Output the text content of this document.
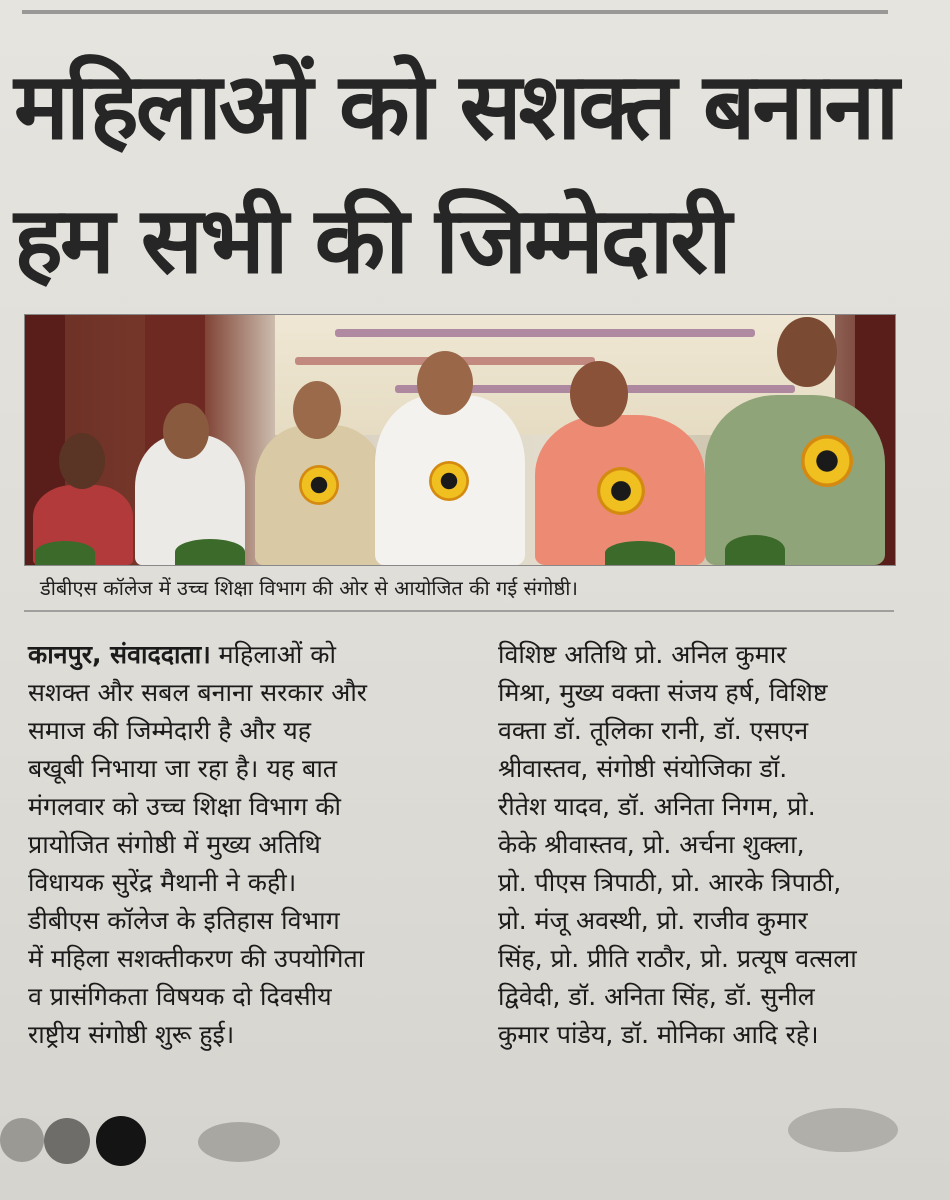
महिलाओं को सशक्त बनाना
हम सभी की जिम्मेदारी
डीबीएस कॉलेज में उच्च शिक्षा विभाग की ओर से आयोजित की गई संगोष्ठी।
कानपुर, संवाददाता। महिलाओं को
सशक्त और सबल बनाना सरकार और
समाज की जिम्मेदारी है और यह
बखूबी निभाया जा रहा है। यह बात
मंगलवार को उच्च शिक्षा विभाग की
प्रायोजित संगोष्ठी में मुख्य अतिथि
विधायक सुरेंद्र मैथानी ने कही।
डीबीएस कॉलेज के इतिहास विभाग
में महिला सशक्तीकरण की उपयोगिता
व प्रासंगिकता विषयक दो दिवसीय
राष्ट्रीय संगोष्ठी शुरू हुई।
विशिष्ट अतिथि प्रो. अनिल कुमार
मिश्रा, मुख्य वक्ता संजय हर्ष, विशिष्ट
वक्ता डॉ. तूलिका रानी, डॉ. एसएन
श्रीवास्तव, संगोष्ठी संयोजिका डॉ.
रीतेश यादव, डॉ. अनिता निगम, प्रो.
केके श्रीवास्तव, प्रो. अर्चना शुक्ला,
प्रो. पीएस त्रिपाठी, प्रो. आरके त्रिपाठी,
प्रो. मंजू अवस्थी, प्रो. राजीव कुमार
सिंह, प्रो. प्रीति राठौर, प्रो. प्रत्यूष वत्सला
द्विवेदी, डॉ. अनिता सिंह, डॉ. सुनील
कुमार पांडेय, डॉ. मोनिका आदि रहे।
